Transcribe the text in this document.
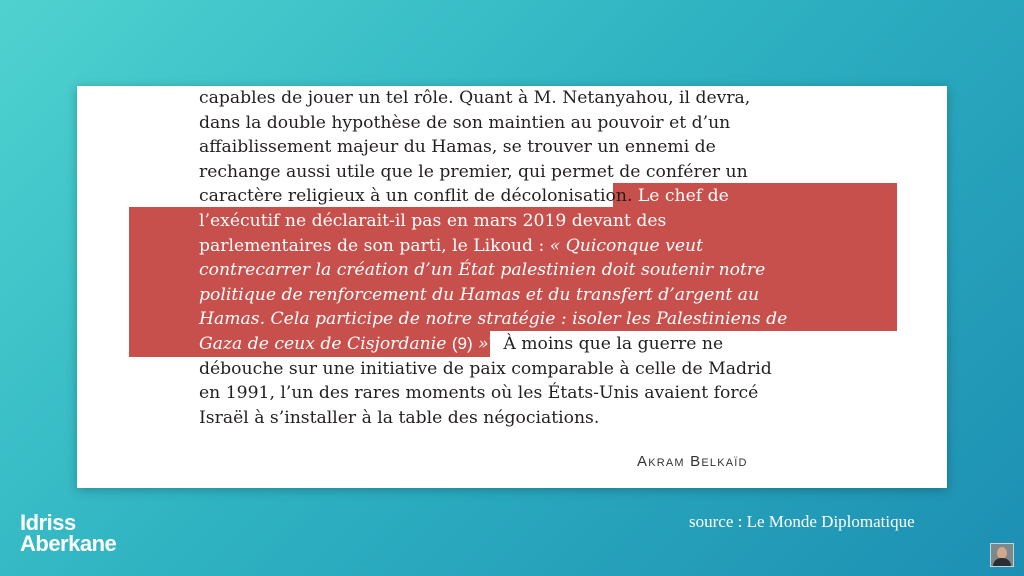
capables de jouer un tel rôle. Quant à M. Netanyahou, il devra,
dans la double hypothèse de son maintien au pouvoir et d’un
affaiblissement majeur du Hamas, se trouver un ennemi de
rechange aussi utile que le premier, qui permet de conférer un
caractère religieux à un conflit de décolonisation. Le chef de
l’exécutif ne déclarait-il pas en mars 2019 devant des
parlementaires de son parti, le Likoud : « Quiconque veut
contrecarrer la création d’un État palestinien doit soutenir notre
politique de renforcement du Hamas et du transfert d’argent au
Hamas. Cela participe de notre stratégie : isoler les Palestiniens de
Gaza de ceux de Cisjordanie (9) »? À moins que la guerre ne
débouche sur une initiative de paix comparable à celle de Madrid
en 1991, l’un des rares moments où les États-Unis avaient forcé
Israël à s’installer à la table des négociations.
Akram Belkaïd
Idriss
Aberkane
source : Le Monde Diplomatique
